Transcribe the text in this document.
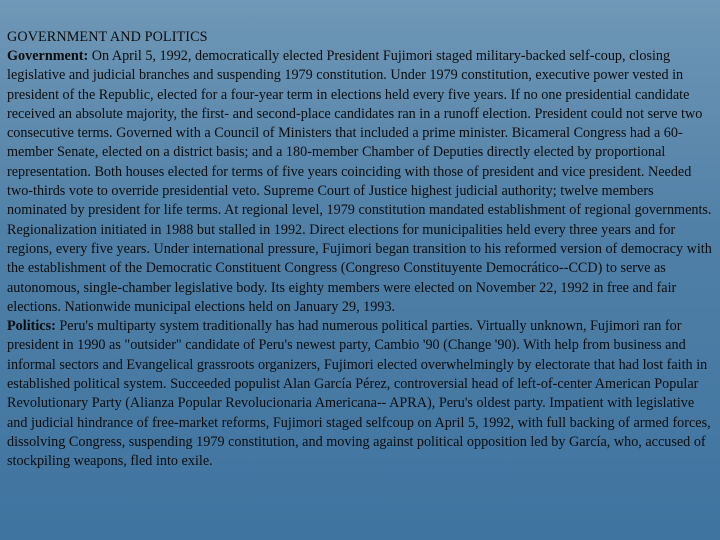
GOVERNMENT AND POLITICS

Government: On April 5, 1992, democratically elected President Fujimori staged military-backed self-coup, closing legislative and judicial branches and suspending 1979 constitution. Under 1979 constitution, executive power vested in president of the Republic, elected for a four-year term in elections held every five years. If no one presidential candidate received an absolute majority, the first- and second-place candidates ran in a runoff election. President could not serve two consecutive terms. Governed with a Council of Ministers that included a prime minister. Bicameral Congress had a 60-member Senate, elected on a district basis; and a 180-member Chamber of Deputies directly elected by proportional representation. Both houses elected for terms of five years coinciding with those of president and vice president. Needed two-thirds vote to override presidential veto. Supreme Court of Justice highest judicial authority; twelve members nominated by president for life terms. At regional level, 1979 constitution mandated establishment of regional governments. Regionalization initiated in 1988 but stalled in 1992. Direct elections for municipalities held every three years and for regions, every five years. Under international pressure, Fujimori began transition to his reformed version of democracy with the establishment of the Democratic Constituent Congress (Congreso Constituyente Democrático--CCD) to serve as autonomous, single-chamber legislative body. Its eighty members were elected on November 22, 1992 in free and fair elections. Nationwide municipal elections held on January 29, 1993.

Politics: Peru's multiparty system traditionally has had numerous political parties. Virtually unknown, Fujimori ran for president in 1990 as "outsider" candidate of Peru's newest party, Cambio '90 (Change '90). With help from business and informal sectors and Evangelical grassroots organizers, Fujimori elected overwhelmingly by electorate that had lost faith in established political system. Succeeded populist Alan García Pérez, controversial head of left-of-center American Popular Revolutionary Party (Alianza Popular Revolucionaria Americana-- APRA), Peru's oldest party. Impatient with legislative and judicial hindrance of free-market reforms, Fujimori staged selfcoup on April 5, 1992, with full backing of armed forces, dissolving Congress, suspending 1979 constitution, and moving against political opposition led by García, who, accused of stockpiling weapons, fled into exile.
